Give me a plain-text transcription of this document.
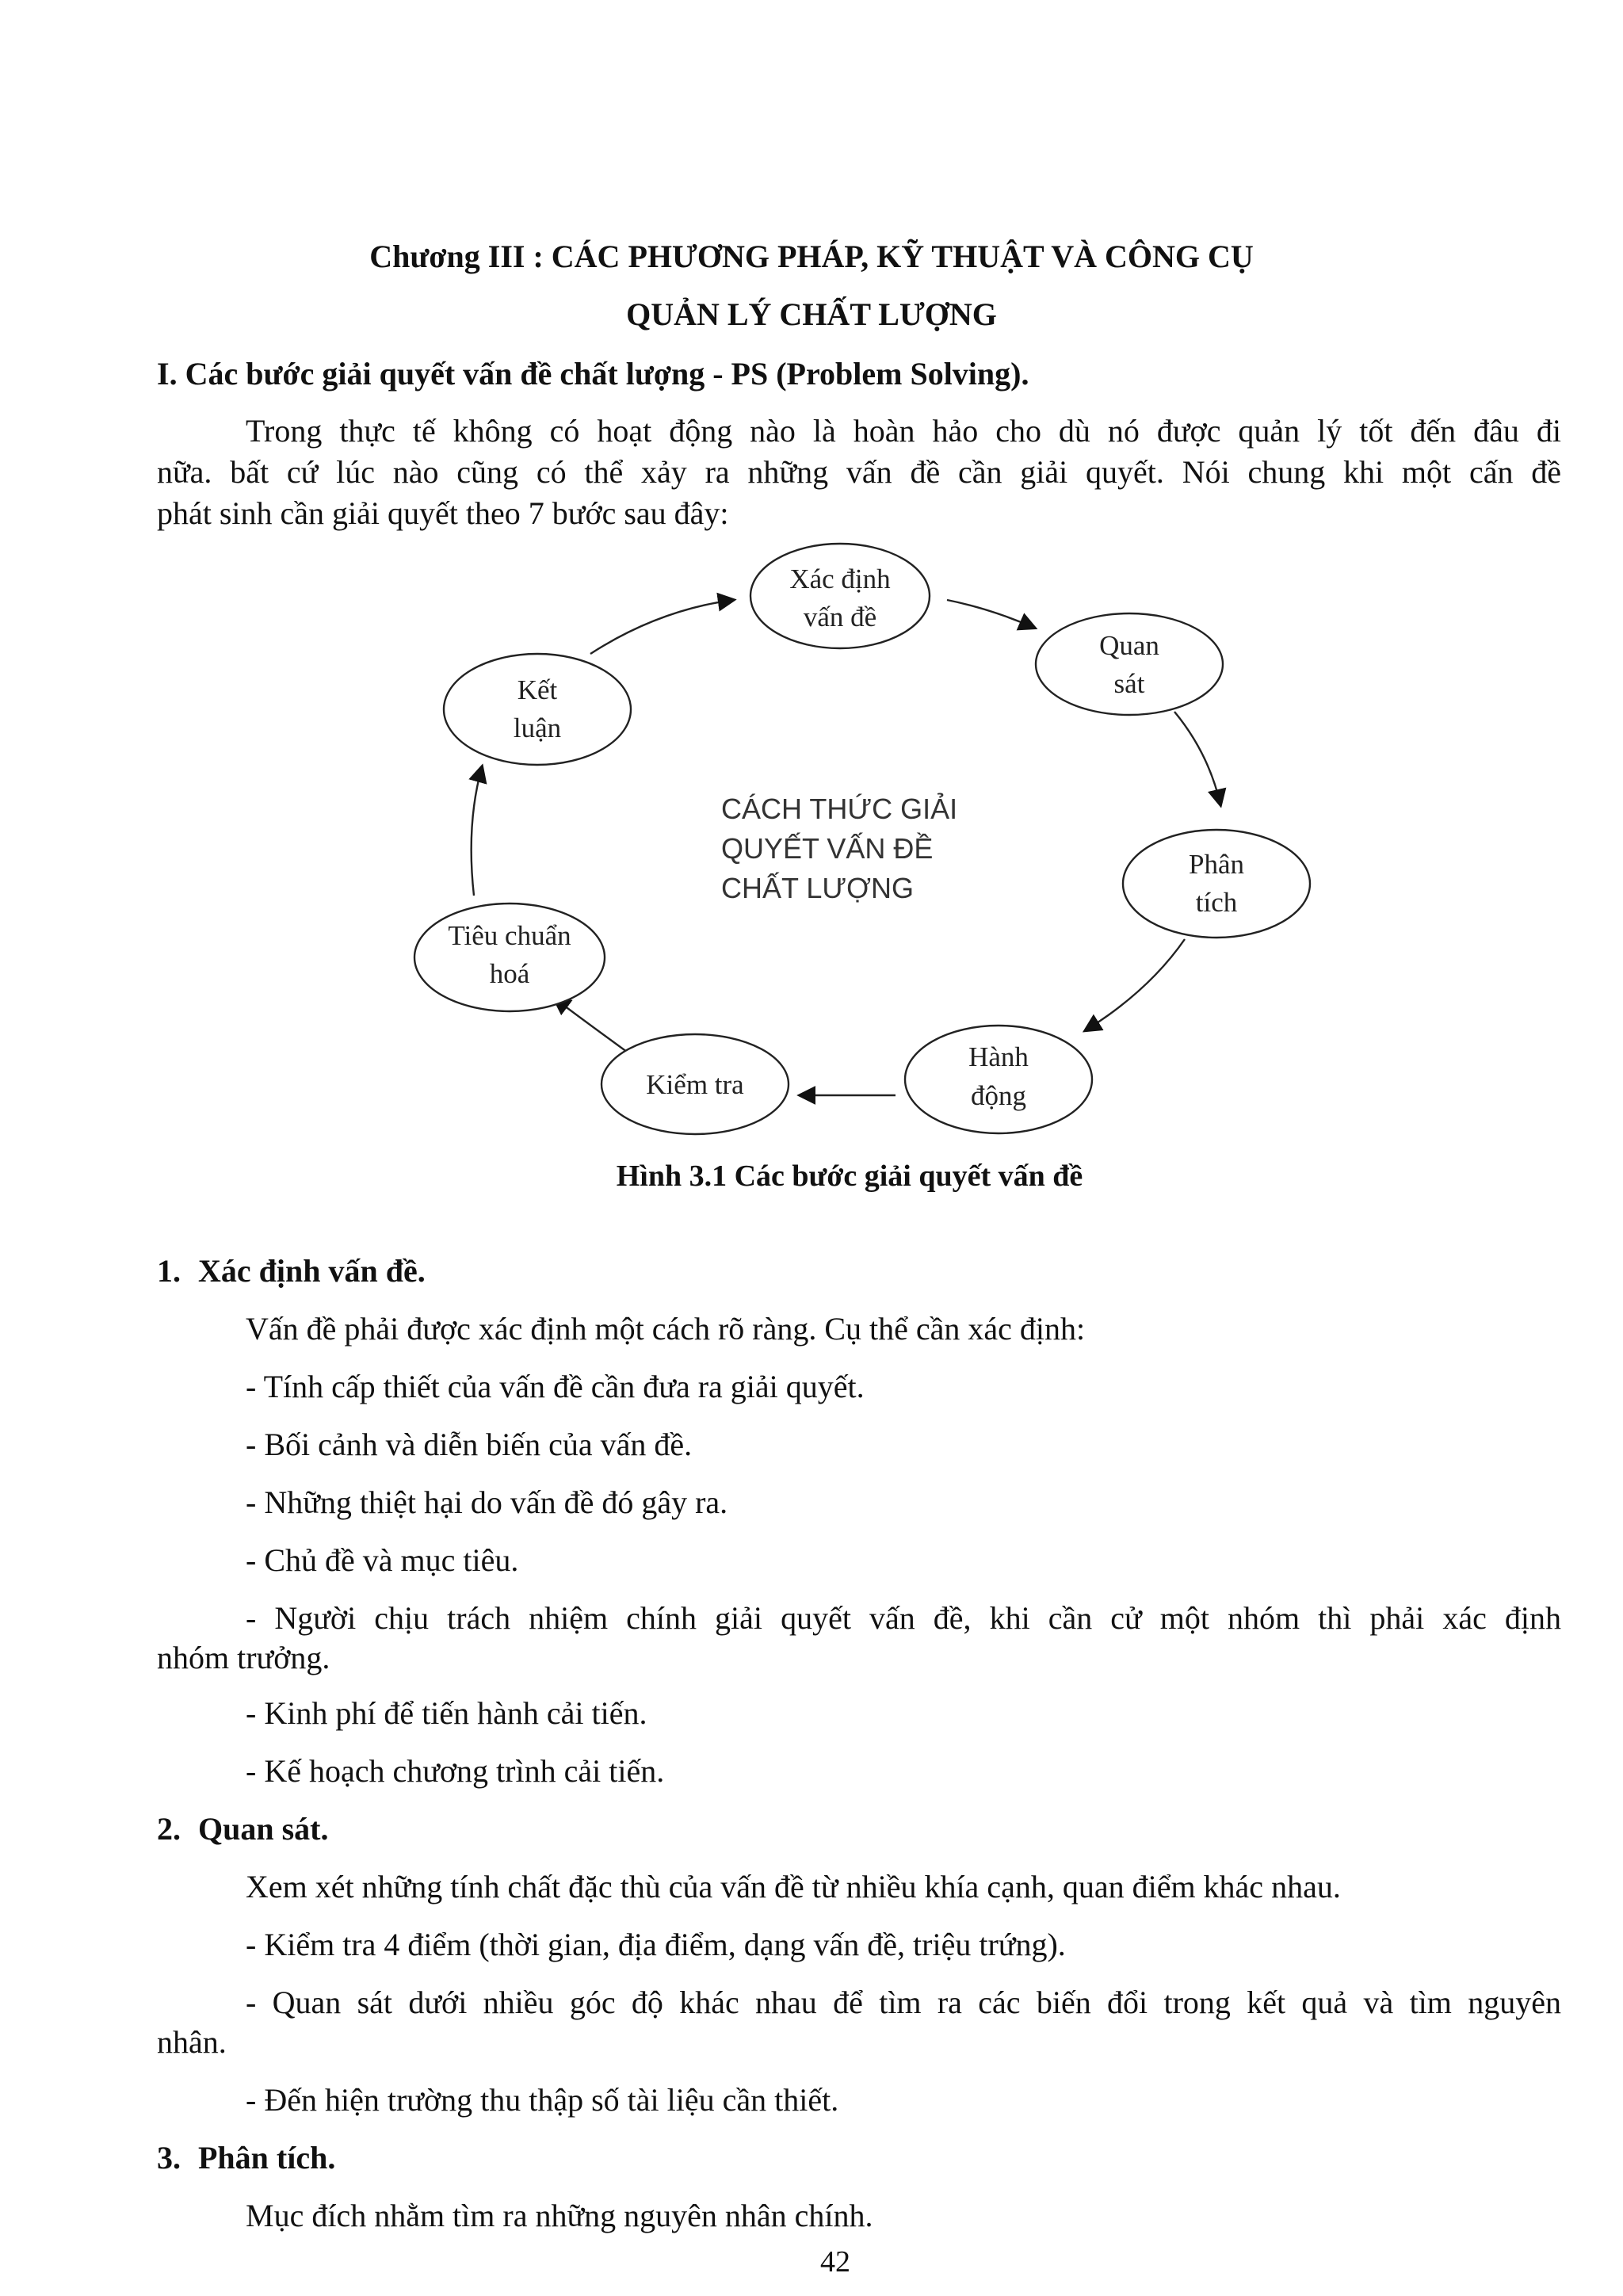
Chương III : CÁC PHƯƠNG PHÁP, KỸ THUẬT VÀ CÔNG CỤ
QUẢN LÝ CHẤT LƯỢNG
I. Các bước giải quyết vấn đề chất lượng - PS (Problem Solving).
Trong thực tế không có hoạt động nào là hoàn hảo cho dù nó được quản lý tốt đến đâu đi
nữa. bất cứ lúc nào cũng có thể xảy ra những vấn đề cần giải quyết. Nói chung khi một cấn đề
phát sinh cần giải quyết theo 7 bước sau đây:
Xác định
vấn đề
Quan
sát
Phân
tích
Hành
động
Kiểm tra
Tiêu chuẩn
hoá
Kết
luận
CÁCH THỨC GIẢI
QUYẾT VẤN ĐỀ
CHẤT LƯỢNG
Hình 3.1 Các bước giải quyết vấn đề
1. Xác định vấn đề.
Vấn đề phải được xác định một cách rõ ràng. Cụ thể cần xác định:
- Tính cấp thiết của vấn đề cần đưa ra giải quyết.
- Bối cảnh và diễn biến của vấn đề.
- Những thiệt hại do vấn đề đó gây ra.
- Chủ đề và mục tiêu.
- Người chịu trách nhiệm chính giải quyết vấn đề, khi cần cử một nhóm thì phải xác định
nhóm trưởng.
- Kinh phí để tiến hành cải tiến.
- Kế hoạch chương trình cải tiến.
2. Quan sát.
Xem xét những tính chất đặc thù của vấn đề từ nhiều khía cạnh, quan điểm khác nhau.
- Kiểm tra 4 điểm (thời gian, địa điểm, dạng vấn đề, triệu trứng).
- Quan sát dưới nhiều góc độ khác nhau để tìm ra các biến đổi trong kết quả và tìm nguyên
nhân.
- Đến hiện trường thu thập số tài liệu cần thiết.
3. Phân tích.
Mục đích nhằm tìm ra những nguyên nhân chính.
42
